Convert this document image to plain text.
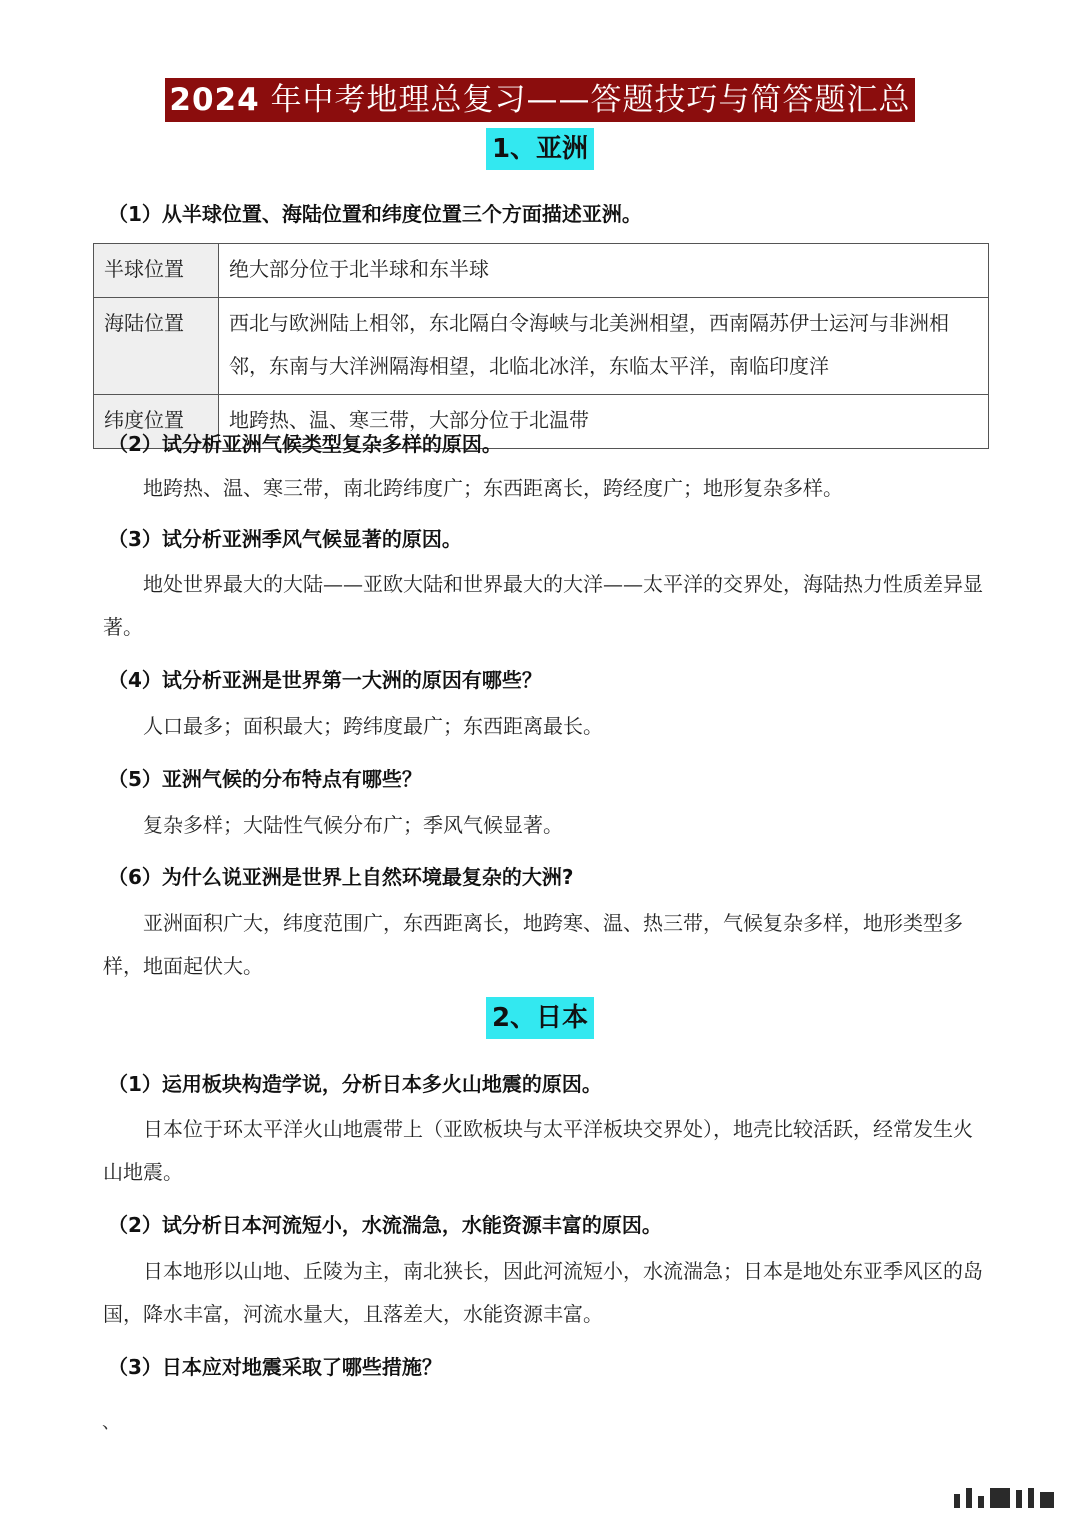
2024 年中考地理总复习——答题技巧与简答题汇总
1、亚洲
（1）从半球位置、海陆位置和纬度位置三个方面描述亚洲。
半球位置	绝大部分位于北半球和东半球
海陆位置	西北与欧洲陆上相邻，东北隔白令海峡与北美洲相望，西南隔苏伊士运河与非洲相邻，东南与大洋洲隔海相望，北临北冰洋，东临太平洋，南临印度洋
纬度位置	地跨热、温、寒三带，大部分位于北温带
（2）试分析亚洲气候类型复杂多样的原因。
地跨热、温、寒三带，南北跨纬度广；东西距离长，跨经度广；地形复杂多样。
（3）试分析亚洲季风气候显著的原因。
地处世界最大的大陆——亚欧大陆和世界最大的大洋——太平洋的交界处，海陆热力性质差异显著。
（4）试分析亚洲是世界第一大洲的原因有哪些？
人口最多；面积最大；跨纬度最广；东西距离最长。
（5）亚洲气候的分布特点有哪些？
复杂多样；大陆性气候分布广；季风气候显著。
（6）为什么说亚洲是世界上自然环境最复杂的大洲?
亚洲面积广大，纬度范围广，东西距离长，地跨寒、温、热三带，气候复杂多样，地形类型多样，地面起伏大。
2、日本
（1）运用板块构造学说，分析日本多火山地震的原因。
日本位于环太平洋火山地震带上（亚欧板块与太平洋板块交界处），地壳比较活跃，经常发生火山地震。
（2）试分析日本河流短小，水流湍急，水能资源丰富的原因。
日本地形以山地、丘陵为主，南北狭长，因此河流短小，水流湍急；日本是地处东亚季风区的岛国，降水丰富，河流水量大，且落差大，水能资源丰富。
（3）日本应对地震采取了哪些措施？
、
